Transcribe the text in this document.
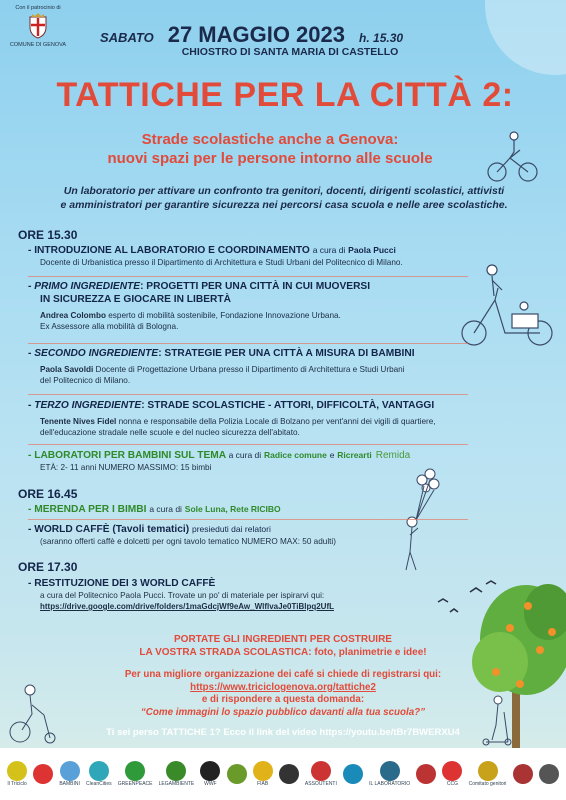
Con il patrocinio di
COMUNE DI GENOVA	SABATO 27 MAGGIO 2023 h. 15.30
CHIOSTRO DI SANTA MARIA DI CASTELLO
TATTICHE PER LA CITTÀ 2:
Strade scolastiche anche a Genova:
nuovi spazi per le persone intorno alle scuole
Un laboratorio per attivare un confronto tra genitori, docenti, dirigenti scolastici, attivisti
e amministratori per garantire sicurezza nei percorsi casa scuola e nelle aree scolastiche.
ORE 15.30
- INTRODUZIONE AL LABORATORIO E COORDINAMENTO a cura di Paola Pucci
Docente di Urbanistica presso il Dipartimento di Architettura e Studi Urbani del Politecnico di Milano.
- PRIMO INGREDIENTE: PROGETTI PER UNA CITTÀ IN CUI MUOVERSI
IN SICUREZZA E GIOCARE IN LIBERTÀ
Andrea Colombo esperto di mobilità sostenibile, Fondazione Innovazione Urbana.
Ex Assessore alla mobilità di Bologna.
- SECONDO INGREDIENTE: STRATEGIE PER UNA CITTÀ A MISURA DI BAMBINI
Paola Savoldi Docente di Progettazione Urbana presso il Dipartimento di Architettura e Studi Urbani
del Politecnico di Milano.
- TERZO INGREDIENTE: STRADE SCOLASTICHE - ATTORI, DIFFICOLTÀ, VANTAGGI
Tenente Nives Fidel nonna e responsabile della Polizia Locale di Bolzano per vent'anni dei vigili di quartiere,
dell'educazione stradale nelle scuole e del nucleo sicurezza dell'abitato.
- LABORATORI PER BAMBINI SUL TEMA a cura di Radice comune e Ricrearti Remida
ETÀ: 2- 11 anni NUMERO MASSIMO: 15 bimbi
ORE 16.45
- MERENDA PER I BIMBI a cura di Sole Luna, Rete RICIBO
- WORLD CAFFÈ (Tavoli tematici) presieduti dai relatori
(saranno offerti caffè e dolcetti per ogni tavolo tematico NUMERO MAX: 50 adulti)
ORE 17.30
- RESTITUZIONE DEI 3 WORLD CAFFÈ
a cura del Politecnico Paola Pucci. Trovate un po' di materiale per ispirarvi qui:
https://drive.google.com/drive/folders/1maGdcjWf9eAw_WlflvaJe0TiBlpq2UfL
PORTATE GLI INGREDIENTI PER COSTRUIRE
LA VOSTRA STRADA SCOLASTICA: foto, planimetrie e idee!
Per una migliore organizzazione dei café si chiede di registrarsi qui:
https://www.triciclogenova.org/tattiche2
e di rispondere a questa domanda:
“Come immagini lo spazio pubblico davanti alla tua scuola?”
Ti sei perso TATTICHE 1? Ecco il link del video https://youtu.be/tBr7BWERXU4
Il Triciclo	BAMBINI CleanCities GREENPEACE LEGAMBIENTE WWF	FIAB	ASSOUTENTI	IL LABORATORIO	CCG Comitato genitori
